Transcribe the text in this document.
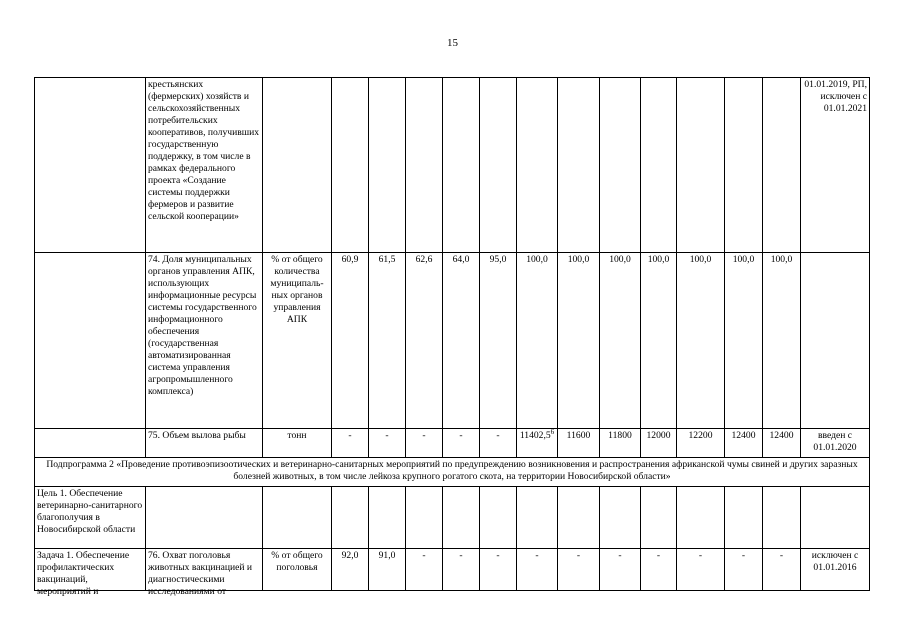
15
	крестьянских (фермерских) хозяйств и сельскохозяйственных потребительских кооперативов, получивших государственную поддержку, в том числе в рамках федерального проекта «Создание системы поддержки фермеров и развитие сельской кооперации»														01.01.2019, РП, исключен с 01.01.2021
	74. Доля муниципальных органов управления АПК, использующих информационные ресурсы системы государственного информационного обеспечения (государственная автоматизированная система управления агропромышленного комплекса)	% от общего количества муниципаль-ных органов управления АПК	60,9	61,5	62,6	64,0	95,0	100,0	100,0	100,0	100,0	100,0	100,0	100,0	
	75. Объем вылова рыбы	тонн	-	-	-	-	-	11402,5$^6$	11600	11800	12000	12200	12400	12400	введен с 01.01.2020
Подпрограмма 2 «Проведение противоэпизоотических и ветеринарно-санитарных мероприятий по предупреждению возникновения и распространения африканской чумы свиней и других заразных болезней животных, в том числе лейкоза крупного рогатого скота, на территории Новосибирской области»															
Цель 1. Обеспечение ветеринарно-санитарного благополучия в Новосибирской области															

Задача 1. Обеспечение профилактических вакцинаций, мероприятий и	76. Охват поголовья животных вакцинацией и диагностическими исследованиями от	% от общего поголовья	92,0	91,0	-	-	-	-	-	-	-	-	-	-	исключен с 01.01.2016
